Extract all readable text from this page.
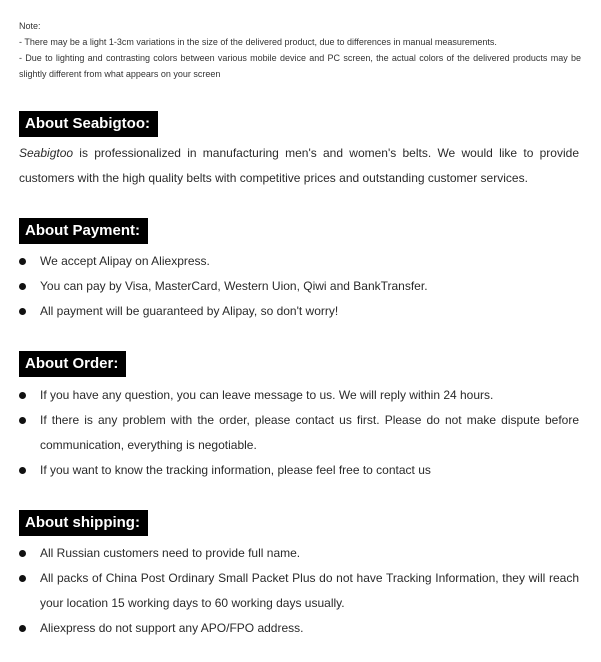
Note:
- There may be a light 1-3cm variations in the size of the delivered product, due to differences in manual measurements.
- Due to lighting and contrasting colors between various mobile device and PC screen, the actual colors of the delivered products may be slightly different from what appears on your screen
About Seabigtoo:
Seabigtoo is professionalized in manufacturing men's and women's belts. We would like to provide customers with the high quality belts with competitive prices and outstanding customer services.
About Payment:
We accept Alipay on Aliexpress.
You can pay by Visa, MasterCard, Western Uion, Qiwi and BankTransfer.
All payment will be guaranteed by Alipay, so don't worry!
About Order:
If you have any question, you can leave message to us. We will reply within 24 hours.
If there is any problem with the order, please contact us first. Please do not make dispute before communication, everything is negotiable.
If you want to know the tracking information, please feel free to contact us
About shipping:
All Russian customers need to provide full name.
All packs of China Post Ordinary Small Packet Plus do not have Tracking Information, they will reach your location 15 working days to 60 working days usually.
Aliexpress do not support any APO/FPO address.
